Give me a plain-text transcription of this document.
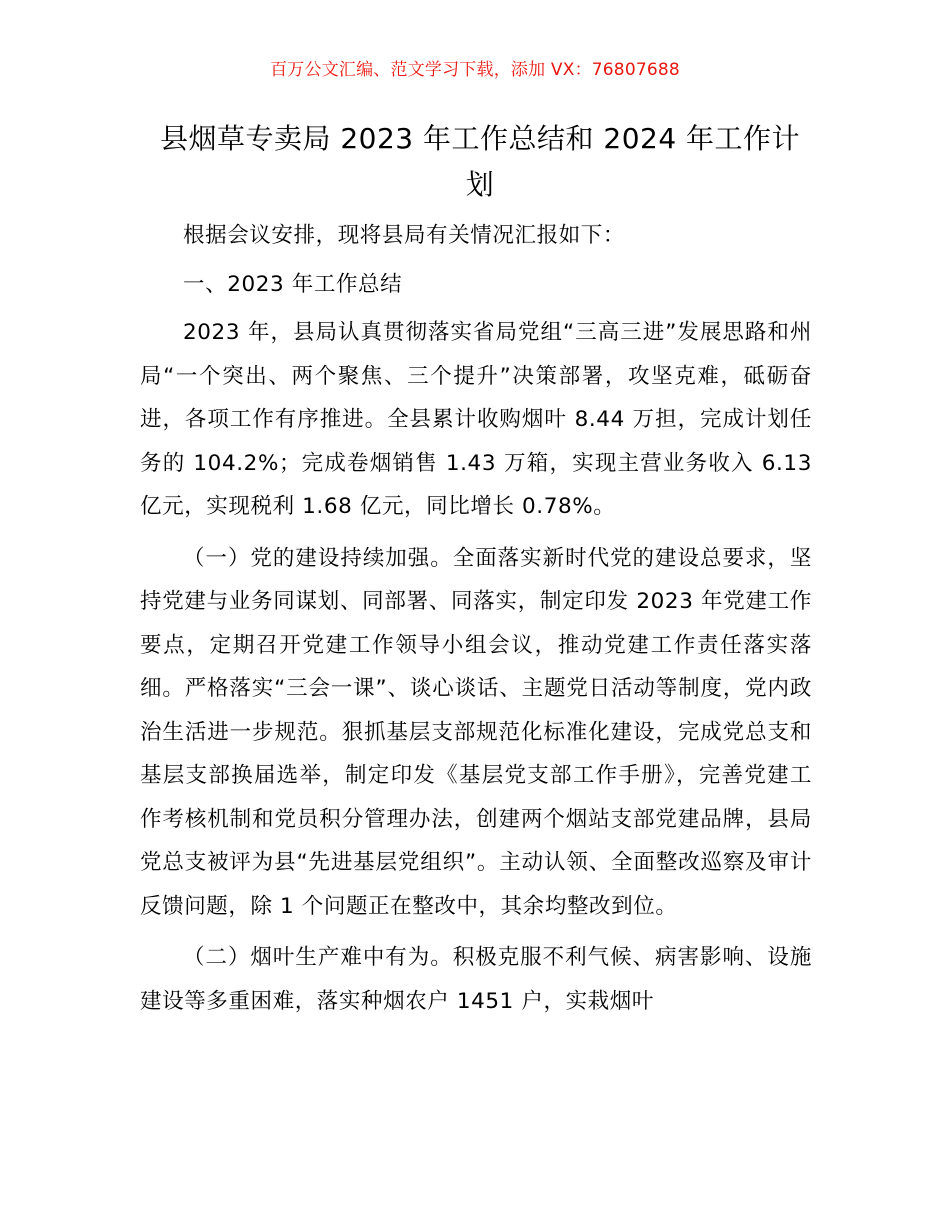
百万公文汇编、范文学习下载，添加 VX：76807688
县烟草专卖局 2023 年工作总结和 2024 年工作计划

根据会议安排，现将县局有关情况汇报如下：

一、2023 年工作总结

2023 年，县局认真贯彻落实省局党组“三高三进”发展思路和州局“一个突出、两个聚焦、三个提升”决策部署，攻坚克难，砥砺奋进，各项工作有序推进。全县累计收购烟叶 8.44 万担，完成计划任务的 104.2%；完成卷烟销售 1.43 万箱，实现主营业务收入 6.13 亿元，实现税利 1.68 亿元，同比增长 0.78%。

（一）党的建设持续加强。全面落实新时代党的建设总要求，坚持党建与业务同谋划、同部署、同落实，制定印发 2023 年党建工作要点，定期召开党建工作领导小组会议，推动党建工作责任落实落细。严格落实“三会一课”、谈心谈话、主题党日活动等制度，党内政治生活进一步规范。狠抓基层支部规范化标准化建设，完成党总支和基层支部换届选举，制定印发《基层党支部工作手册》，完善党建工作考核机制和党员积分管理办法，创建两个烟站支部党建品牌，县局党总支被评为县“先进基层党组织”。主动认领、全面整改巡察及审计反馈问题，除 1 个问题正在整改中，其余均整改到位。

（二）烟叶生产难中有为。积极克服不利气候、病害影响、设施建设等多重困难，落实种烟农户 1451 户，实栽烟叶
